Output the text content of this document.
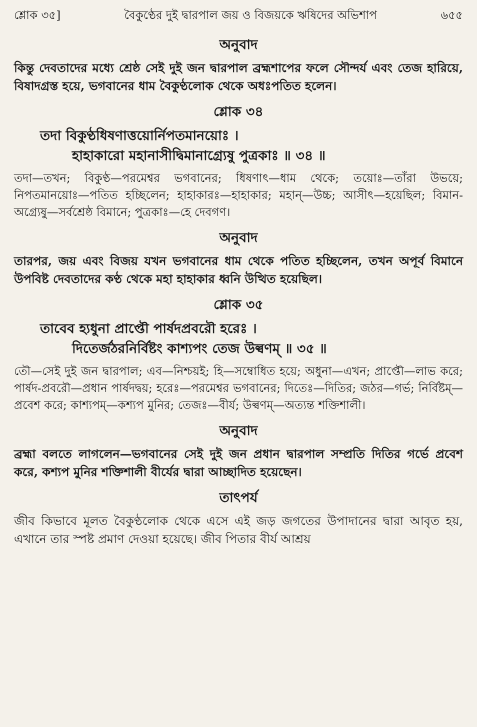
শ্লোক ৩৫]	বৈকুণ্ঠের দুই দ্বারপাল জয় ও বিজয়কে ঋষিদের অভিশাপ	৬৫৫
অনুবাদ

কিন্তু দেবতাদের মধ্যে শ্রেষ্ঠ সেই দুই জন দ্বারপাল ব্রহ্মশাপের ফলে সৌন্দর্য এবং তেজ হারিয়ে, বিষাদগ্রস্ত হয়ে, ভগবানের ধাম বৈকুণ্ঠলোক থেকে অধঃপতিত হলেন।

শ্লোক ৩৪
তদা বিকুণ্ঠধিষণাত্তয়োর্নিপতমানয়োঃ ।
হাহাকারো মহানাসীদ্বিমানাগ্র্যেষু পুত্রকাঃ ॥ ৩৪ ॥

তদা—তখন; বিকুণ্ঠ—পরমেশ্বর ভগবানের; ধিষণাৎ—ধাম থেকে; তয়োঃ—তাঁরা উভয়ে; নিপতমানয়োঃ—পতিত হচ্ছিলেন; হাহাকারঃ—হাহাকার; মহান্—উচ্চ; আসীৎ—হয়েছিল; বিমান-অগ্র্যেষু—সর্বশ্রেষ্ঠ বিমানে; পুত্রকাঃ—হে দেবগণ।

অনুবাদ

তারপর, জয় এবং বিজয় যখন ভগবানের ধাম থেকে পতিত হচ্ছিলেন, তখন অপূর্ব বিমানে উপবিষ্ট দেবতাদের কণ্ঠ থেকে মহা হাহাকার ধ্বনি উত্থিত হয়েছিল।

শ্লোক ৩৫
তাবেব হ্যধুনা প্রাপ্তৌ পার্ষদপ্রবরৌ হরেঃ ।
দিতের্জঠরনির্বিষ্টং কাশ্যপং তেজ উল্বণম্ ॥ ৩৫ ॥

তৌ—সেই দুই জন দ্বারপাল; এব—নিশ্চয়ই; হি—সম্বোধিত হয়ে; অধুনা—এখন; প্রাপ্তৌ—লাভ করে; পার্ষদ-প্রবরৌ—প্রধান পার্ষদদ্বয়; হরেঃ—পরমেশ্বর ভগবানের; দিতেঃ—দিতির; জঠর—গর্ভ; নির্বিষ্টম্—প্রবেশ করে; কাশ্যপম্—কশ্যপ মুনির; তেজঃ—বীর্য; উল্বণম্—অত্যন্ত শক্তিশালী।

অনুবাদ

ব্রহ্মা বলতে লাগলেন—ভগবানের সেই দুই জন প্রধান দ্বারপাল সম্প্রতি দিতির গর্ভে প্রবেশ করে, কশ্যপ মুনির শক্তিশালী বীর্যের দ্বারা আচ্ছাদিত হয়েছেন।

তাৎপর্য

জীব কিভাবে মূলত বৈকুণ্ঠলোক থেকে এসে এই জড় জগতের উপাদানের দ্বারা আবৃত হয়, এখানে তার স্পষ্ট প্রমাণ দেওয়া হয়েছে। জীব পিতার বীর্য আশ্রয়
